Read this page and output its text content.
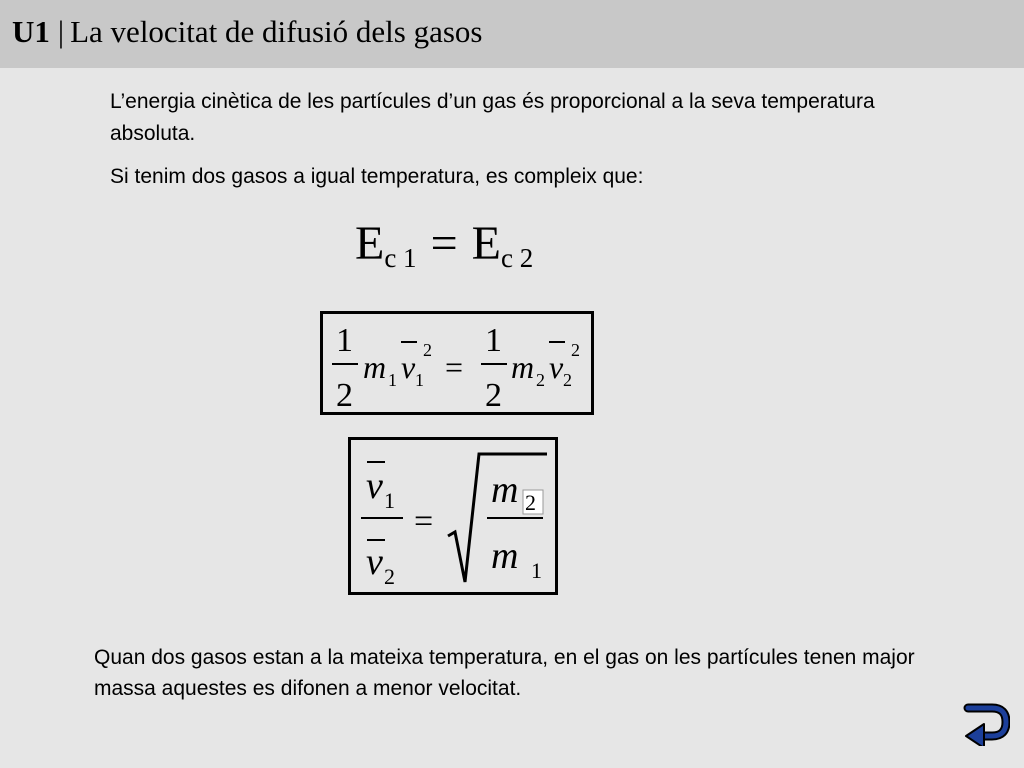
U1 | La velocitat de difusió dels gasos
L’energia cinètica de les partícules d’un gas és proporcional a la seva temperatura absoluta.
Si tenim dos gasos a igual temperatura, es compleix que:
$E_{c 1} = E_{c 2}$
1
2
m 1 v 1
2 =
1
2
m 2 v 2
2
v 1
v 2
=
m 2
m 1
Quan dos gasos estan a la mateixa temperatura, en el gas on les partícules tenen major massa aquestes es difonen a menor velocitat.
